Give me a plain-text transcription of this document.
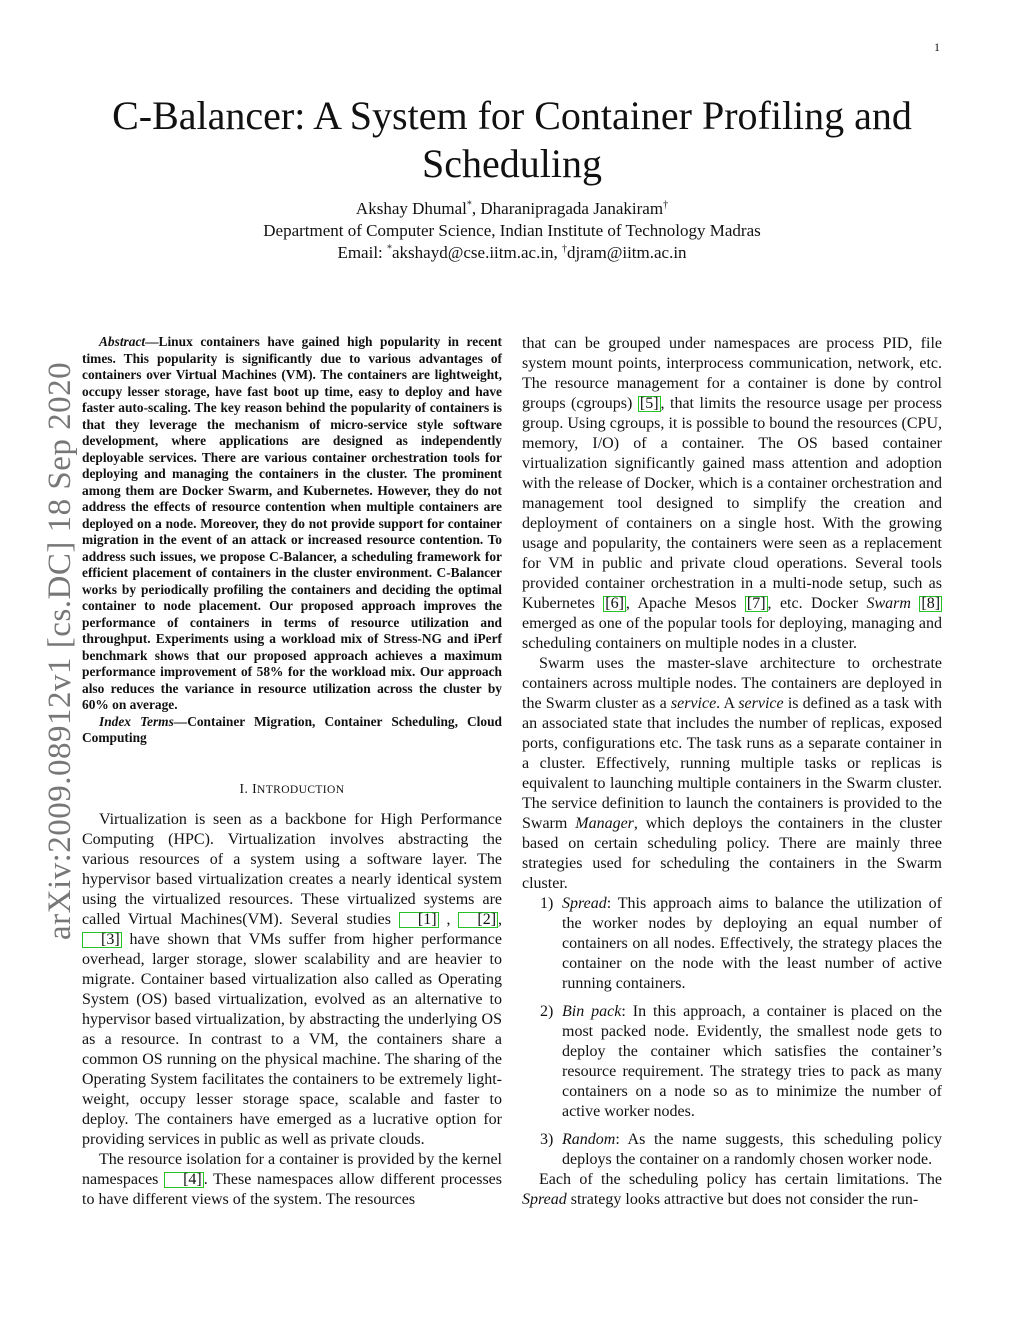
1
arXiv:2009.08912v1 [cs.DC] 18 Sep 2020
C-Balancer: A System for Container Profiling and Scheduling
Akshay Dhumal*, Dharanipragada Janakiram†
Department of Computer Science, Indian Institute of Technology Madras
Email: *akshayd@cse.iitm.ac.in, †djram@iitm.ac.in

Abstract—Linux containers have gained high popularity in recent times. This popularity is significantly due to various advantages of containers over Virtual Machines (VM). The containers are lightweight, occupy lesser storage, have fast boot up time, easy to deploy and have faster auto-scaling. The key reason behind the popularity of containers is that they leverage the mechanism of micro-service style software development, where applications are designed as independently deployable services. There are various container orchestration tools for deploying and managing the containers in the cluster. The prominent among them are Docker Swarm, and Kubernetes. However, they do not address the effects of resource contention when multiple containers are deployed on a node. Moreover, they do not provide support for container migration in the event of an attack or increased resource contention. To address such issues, we propose C-Balancer, a scheduling framework for efficient placement of containers in the cluster environment. C-Balancer works by periodically profiling the containers and deciding the optimal container to node placement. Our proposed approach improves the performance of containers in terms of resource utilization and throughput. Experiments using a workload mix of Stress-NG and iPerf benchmark shows that our proposed approach achieves a maximum performance improvement of 58% for the workload mix. Our approach also reduces the variance in resource utilization across the cluster by 60% on average.

Index Terms—Container Migration, Container Scheduling, Cloud Computing

I. INTRODUCTION

Virtualization is seen as a backbone for High Performance Computing (HPC). Virtualization involves abstracting the various resources of a system using a software layer. The hypervisor based virtualization creates a nearly identical system using the virtualized resources. These virtualized systems are called Virtual Machines(VM). Several studies [1] , [2] , [3] have shown that VMs suffer from higher performance overhead, larger storage, slower scalability and are heavier to migrate. Container based virtualization also called as Operating System (OS) based virtualization, evolved as an alternative to hypervisor based virtualization, by abstracting the underlying OS as a resource. In contrast to a VM, the containers share a common OS running on the physical machine. The sharing of the Operating System facilitates the containers to be extremely light-weight, occupy lesser storage space, scalable and faster to deploy. The containers have emerged as a lucrative option for providing services in public as well as private clouds.

The resource isolation for a container is provided by the kernel namespaces [4] . These namespaces allow different processes to have different views of the system. The resources

that can be grouped under namespaces are process PID, file system mount points, interprocess communication, network, etc. The resource management for a container is done by control groups (cgroups) [5] , that limits the resource usage per process group. Using cgroups, it is possible to bound the resources (CPU, memory, I/O) of a container. The OS based container virtualization significantly gained mass attention and adoption with the release of Docker, which is a container orchestration and management tool designed to simplify the creation and deployment of containers on a single host. With the growing usage and popularity, the containers were seen as a replacement for VM in public and private cloud operations. Several tools provided container orchestration in a multi-node setup, such as Kubernetes [6] , Apache Mesos [7] , etc. Docker Swarm [8] emerged as one of the popular tools for deploying, managing and scheduling containers on multiple nodes in a cluster.

Swarm uses the master-slave architecture to orchestrate containers across multiple nodes. The containers are deployed in the Swarm cluster as a service. A service is defined as a task with an associated state that includes the number of replicas, exposed ports, configurations etc. The task runs as a separate container in a cluster. Effectively, running multiple tasks or replicas is equivalent to launching multiple containers in the Swarm cluster. The service definition to launch the containers is provided to the Swarm Manager, which deploys the containers in the cluster based on certain scheduling policy. There are mainly three strategies used for scheduling the containers in the Swarm cluster.

1) Spread: This approach aims to balance the utilization of the worker nodes by deploying an equal number of containers on all nodes. Effectively, the strategy places the container on the node with the least number of active running containers.
2) Bin pack: In this approach, a container is placed on the most packed node. Evidently, the smallest node gets to deploy the container which satisfies the container’s resource requirement. The strategy tries to pack as many containers on a node so as to minimize the number of active worker nodes.
3) Random: As the name suggests, this scheduling policy deploys the container on a randomly chosen worker node.

Each of the scheduling policy has certain limitations. The Spread strategy looks attractive but does not consider the run-
